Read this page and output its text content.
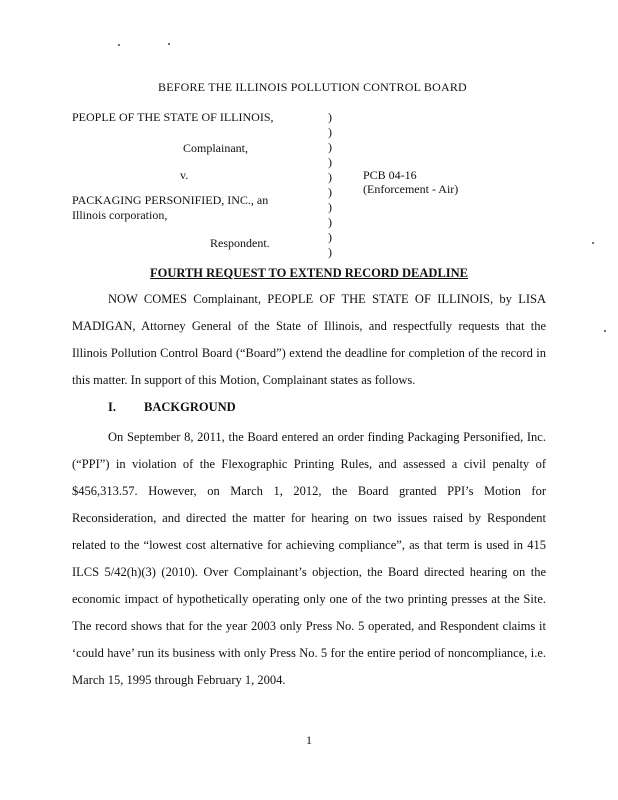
BEFORE THE ILLINOIS POLLUTION CONTROL BOARD
PEOPLE OF THE STATE OF ILLINOIS,
Complainant,
v.
PACKAGING PERSONIFIED, INC., an
Illinois corporation,
Respondent.
PCB 04-16
(Enforcement - Air)
)
)
)
)
)
)
)
)
)
)
FOURTH REQUEST TO EXTEND RECORD DEADLINE

NOW COMES Complainant, PEOPLE OF THE STATE OF ILLINOIS, by LISA MADIGAN, Attorney General of the State of Illinois, and respectfully requests that the Illinois Pollution Control Board (“Board”) extend the deadline for completion of the record in this matter. In support of this Motion, Complainant states as follows.

I. BACKGROUND

On September 8, 2011, the Board entered an order finding Packaging Personified, Inc. (“PPI”) in violation of the Flexographic Printing Rules, and assessed a civil penalty of $456,313.57. However, on March 1, 2012, the Board granted PPI’s Motion for Reconsideration, and directed the matter for hearing on two issues raised by Respondent related to the “lowest cost alternative for achieving compliance”, as that term is used in 415 ILCS 5/42(h)(3) (2010). Over Complainant’s objection, the Board directed hearing on the economic impact of hypothetically operating only one of the two printing presses at the Site. The record shows that for the year 2003 only Press No. 5 operated, and Respondent claims it ‘could have’ run its business with only Press No. 5 for the entire period of noncompliance, i.e. March 15, 1995 through February 1, 2004.

1
